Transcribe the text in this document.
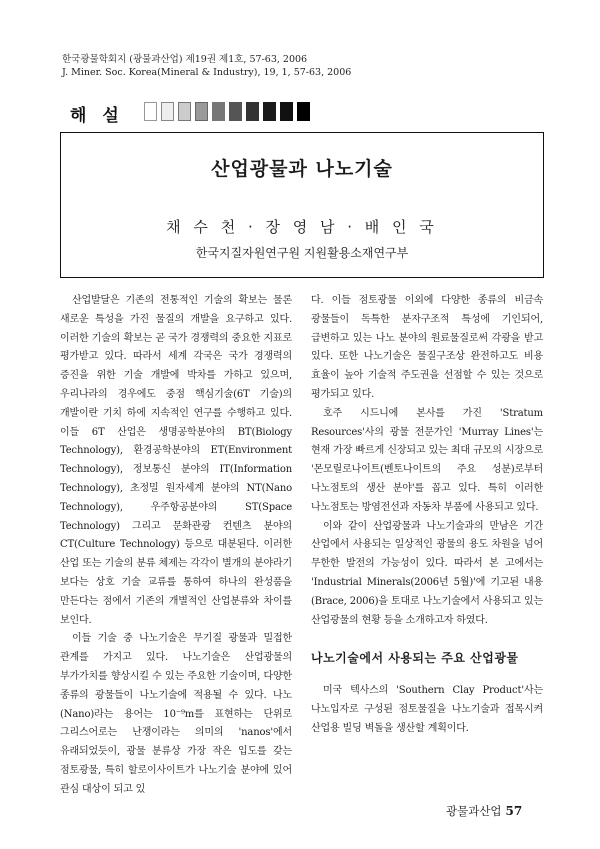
한국광물학회지 (광물과산업) 제19권 제1호, 57-63, 2006
J. Miner. Soc. Korea(Mineral & Industry), 19, 1, 57-63, 2006
해 설
산업광물과 나노기술
채 수 천 · 장 영 남 · 배 인 국
한국지질자원연구원 지원활용소재연구부

산업발달은 기존의 전통적인 기술의 확보는 물론 새로운 특성을 가진 물질의 개발을 요구하고 있다. 이러한 기술의 확보는 곧 국가 경쟁력의 중요한 지표로 평가받고 있다. 따라서 세계 각국은 국가 경쟁력의 증진을 위한 기술 개발에 박차를 가하고 있으며, 우리나라의 경우에도 중점 핵심기술(6T 기술)의 개발이란 기치 하에 지속적인 연구를 수행하고 있다. 이들 6T 산업은 생명공학분야의 BT(Biology Technology), 환경공학분야의 ET(Environment Technology), 정보통신 분야의 IT(Information Technology), 초정밀 원자세계 분야의 NT(Nano Technology), 우주항공분야의 ST(Space Technology) 그리고 문화관광 컨텐츠 분야의 CT(Culture Technology) 등으로 대분된다. 이러한 산업 또는 기술의 분류 체제는 각각이 별개의 분야라기 보다는 상호 기술 교류를 통하여 하나의 완성품을 만든다는 점에서 기존의 개별적인 산업분류와 차이를 보인다.

이들 기술 중 나노기술은 무기질 광물과 밀접한 관계를 가지고 있다. 나노기술은 산업광물의 부가가치를 향상시킬 수 있는 주요한 기술이며, 다양한 종류의 광물들이 나노기술에 적용될 수 있다. 나노(Nano)라는 용어는 10⁻⁹m를 표현하는 단위로 그리스어로는 난쟁이라는 의미의 'nanos'에서 유래되었듯이, 광물 분류상 가장 작은 입도를 갖는 점토광물, 특히 할로이사이트가 나노기술 분야에 있어 관심 대상이 되고 있

다. 이들 점토광물 이외에 다양한 종류의 비금속 광물들이 독특한 분자구조적 특성에 기인되어, 급변하고 있는 나노 분야의 원료물질로써 각광을 받고 있다. 또한 나노기술은 물질구조상 완전하고도 비용 효율이 높아 기술적 주도권을 선점할 수 있는 것으로 평가되고 있다.

호주 시드니에 본사를 가진 'Stratum Resources'사의 광물 전문가인 'Murray Lines'는 현재 가장 빠르게 신장되고 있는 최대 규모의 시장으로 '몬모릴로나이트(벤토나이트의 주요 성분)로부터 나노점토의 생산 분야'를 꼽고 있다. 특히 이러한 나노점토는 방염전선과 자동차 부품에 사용되고 있다.

이와 같이 산업광물과 나노기술과의 만남은 기간 산업에서 사용되는 일상적인 광물의 용도 차원을 넘어 무한한 발전의 가능성이 있다. 따라서 본 고에서는 'Industrial Minerals(2006년 5월)'에 기고된 내용(Brace, 2006)을 토대로 나노기술에서 사용되고 있는 산업광물의 현황 등을 소개하고자 하였다.

나노기술에서 사용되는 주요 산업광물

미국 텍사스의 'Southern Clay Product'사는 나노입자로 구성된 점토물질을 나노기술과 접목시켜 산업용 빌딩 벽돌을 생산할 계획이다.

광물과산업 57
